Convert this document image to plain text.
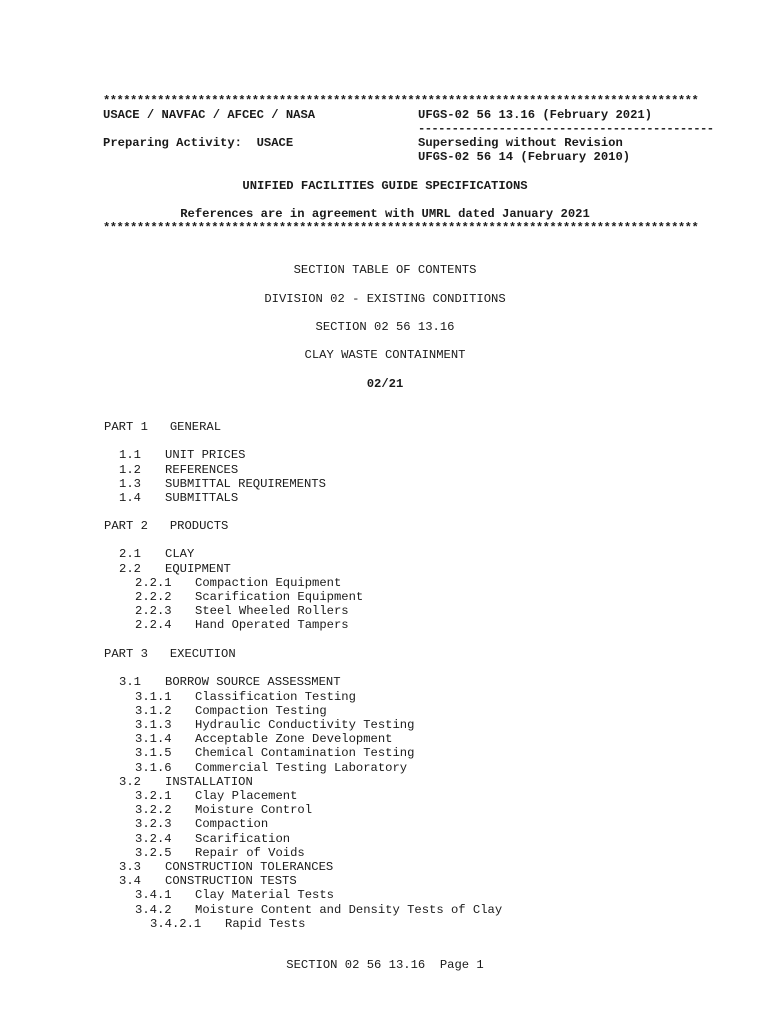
****************************************************************************************
USACE / NAVFAC / AFCEC / NASA	UFGS-02 56 13.16 (February 2021)
--------------------------------------------
Preparing Activity:  USACE	Superseding without Revision
UFGS-02 56 14 (February 2010)
UNIFIED FACILITIES GUIDE SPECIFICATIONS
References are in agreement with UMRL dated January 2021
****************************************************************************************
SECTION TABLE OF CONTENTS
DIVISION 02 - EXISTING CONDITIONS
SECTION 02 56 13.16
CLAY WASTE CONTAINMENT
02/21
PART 1   GENERAL
1.1 UNIT PRICES
1.2 REFERENCES
1.3 SUBMITTAL REQUIREMENTS
1.4 SUBMITTALS
PART 2   PRODUCTS
2.1 CLAY
2.2 EQUIPMENT
2.2.1 Compaction Equipment
2.2.2 Scarification Equipment
2.2.3 Steel Wheeled Rollers
2.2.4 Hand Operated Tampers
PART 3   EXECUTION
3.1 BORROW SOURCE ASSESSMENT
3.1.1 Classification Testing
3.1.2 Compaction Testing
3.1.3 Hydraulic Conductivity Testing
3.1.4 Acceptable Zone Development
3.1.5 Chemical Contamination Testing
3.1.6 Commercial Testing Laboratory
3.2 INSTALLATION
3.2.1 Clay Placement
3.2.2 Moisture Control
3.2.3 Compaction
3.2.4 Scarification
3.2.5 Repair of Voids
3.3 CONSTRUCTION TOLERANCES
3.4 CONSTRUCTION TESTS
3.4.1 Clay Material Tests
3.4.2 Moisture Content and Density Tests of Clay
3.4.2.1 Rapid Tests
SECTION 02 56 13.16  Page 1
